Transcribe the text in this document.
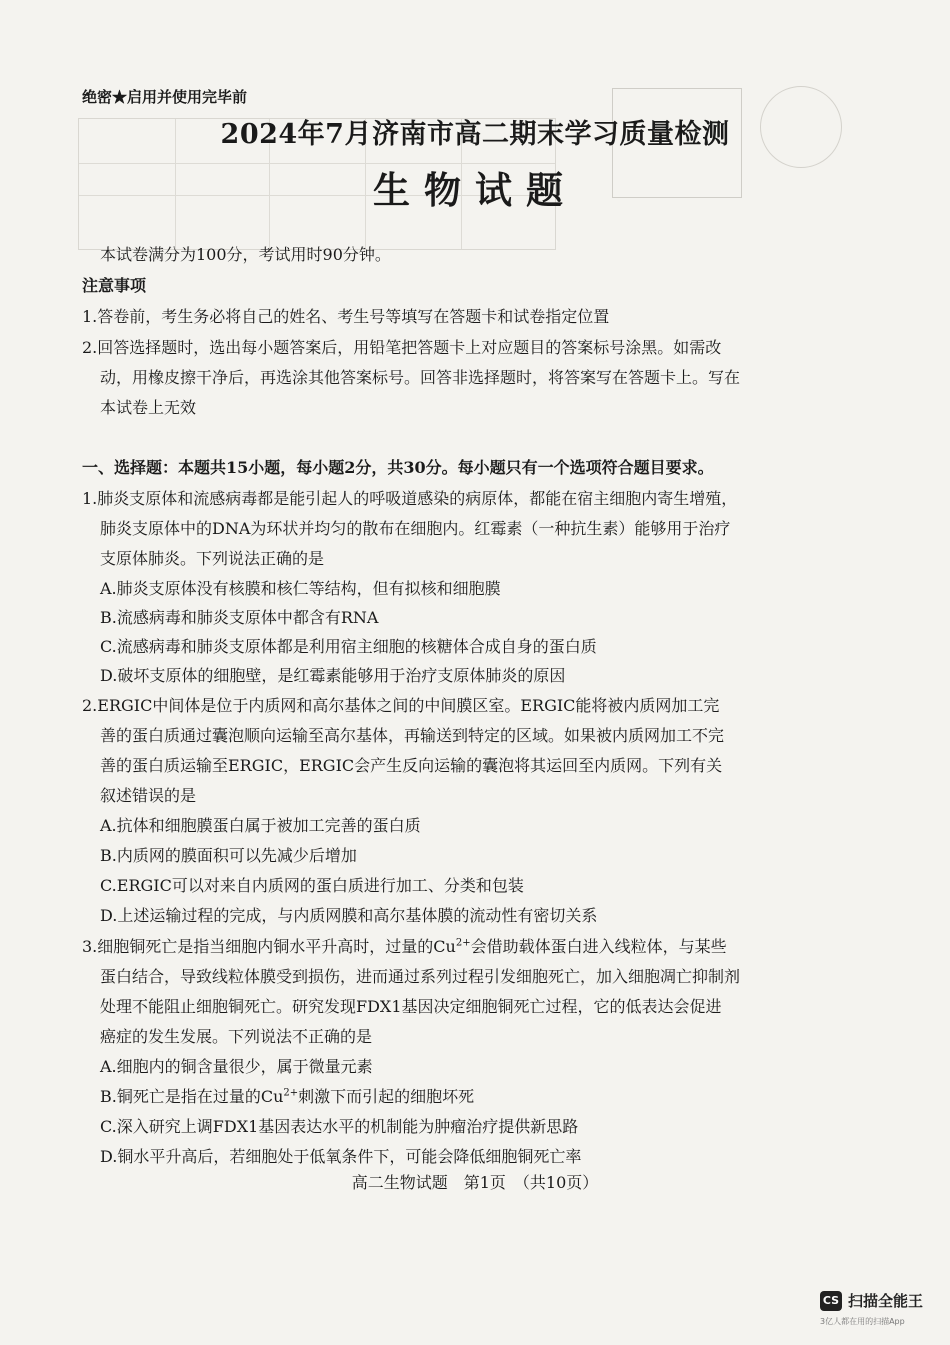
绝密★启用并使用完毕前
2024年7月济南市高二期末学习质量检测
生物试题
本试卷满分为100分，考试用时90分钟。
注意事项
1.答卷前，考生务必将自己的姓名、考生号等填写在答题卡和试卷指定位置
2.回答选择题时，选出每小题答案后，用铅笔把答题卡上对应题目的答案标号涂黑。如需改
动，用橡皮擦干净后，再选涂其他答案标号。回答非选择题时，将答案写在答题卡上。写在
本试卷上无效
一、选择题：本题共15小题，每小题2分，共30分。每小题只有一个选项符合题目要求。
1.肺炎支原体和流感病毒都是能引起人的呼吸道感染的病原体，都能在宿主细胞内寄生增殖，
肺炎支原体中的DNA为环状并均匀的散布在细胞内。红霉素（一种抗生素）能够用于治疗
支原体肺炎。下列说法正确的是
A.肺炎支原体没有核膜和核仁等结构，但有拟核和细胞膜
B.流感病毒和肺炎支原体中都含有RNA
C.流感病毒和肺炎支原体都是利用宿主细胞的核糖体合成自身的蛋白质
D.破坏支原体的细胞壁，是红霉素能够用于治疗支原体肺炎的原因
2.ERGIC中间体是位于内质网和高尔基体之间的中间膜区室。ERGIC能将被内质网加工完
善的蛋白质通过囊泡顺向运输至高尔基体，再输送到特定的区域。如果被内质网加工不完
善的蛋白质运输至ERGIC，ERGIC会产生反向运输的囊泡将其运回至内质网。下列有关
叙述错误的是
A.抗体和细胞膜蛋白属于被加工完善的蛋白质
B.内质网的膜面积可以先减少后增加
C.ERGIC可以对来自内质网的蛋白质进行加工、分类和包装
D.上述运输过程的完成，与内质网膜和高尔基体膜的流动性有密切关系
3.细胞铜死亡是指当细胞内铜水平升高时，过量的$Cu^{2+}$会借助载体蛋白进入线粒体，与某些
蛋白结合，导致线粒体膜受到损伤，进而通过系列过程引发细胞死亡，加入细胞凋亡抑制剂
处理不能阻止细胞铜死亡。研究发现FDX1基因决定细胞铜死亡过程，它的低表达会促进
癌症的发生发展。下列说法不正确的是
A.细胞内的铜含量很少，属于微量元素
B.铜死亡是指在过量的$Cu^{2+}$刺激下而引起的细胞坏死
C.深入研究上调FDX1基因表达水平的机制能为肿瘤治疗提供新思路
D.铜水平升高后，若细胞处于低氧条件下，可能会降低细胞铜死亡率
高二生物试题　第1页　（共10页）
CS 扫描全能王
3亿人都在用的扫描App
